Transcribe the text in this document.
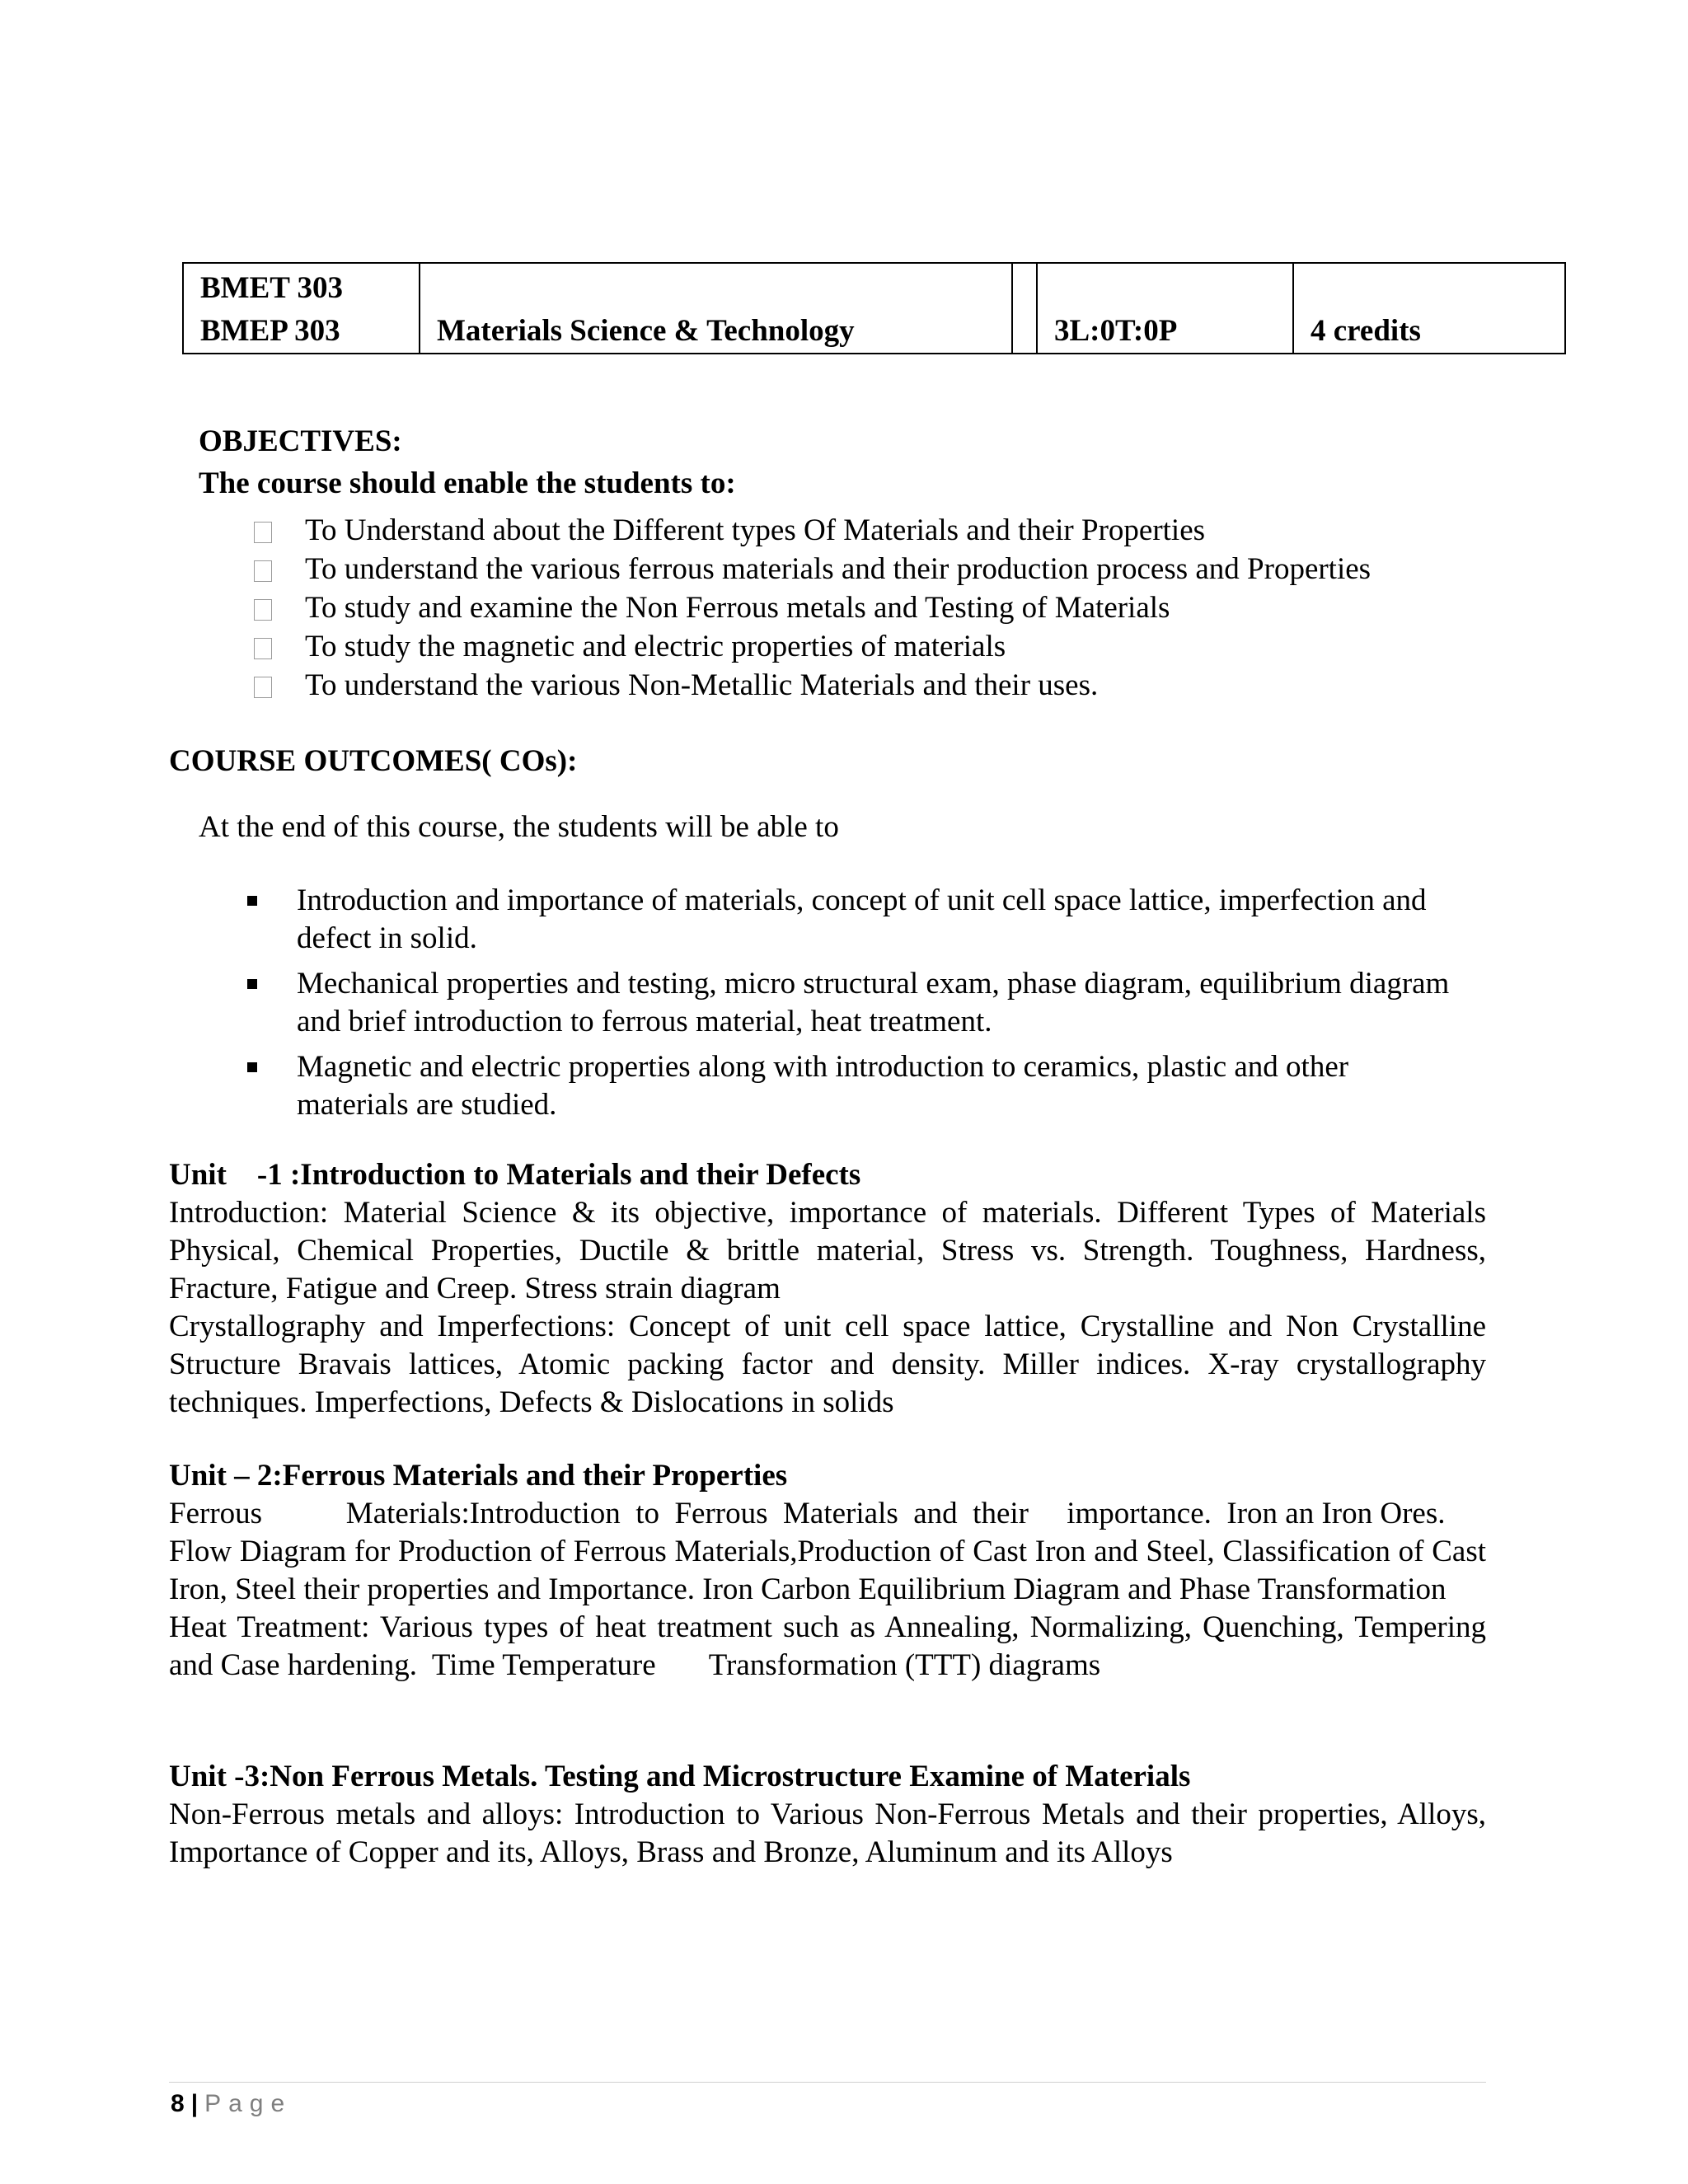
BMET 303
BMEP 303	Materials Science & Technology		3L:0T:0P	4 credits

OBJECTIVES:

The course should enable the students to:

To Understand about the Different types Of Materials and their Properties
To understand the various ferrous materials and their production process and Properties
To study and examine the Non Ferrous metals and Testing of Materials
To study the magnetic and electric properties of materials
To understand the various Non-Metallic Materials and their uses.

COURSE OUTCOMES( COs):

At the end of this course, the students will be able to

Introduction and importance of materials, concept of unit cell space lattice, imperfection and defect in solid.
Mechanical properties and testing, micro structural exam, phase diagram, equilibrium diagram and brief introduction to ferrous material, heat treatment.
Magnetic and electric properties along with introduction to ceramics, plastic and other materials are studied.

Unit    -1 :Introduction to Materials and their Defects

Introduction: Material Science & its objective, importance of materials. Different Types of Materials Physical, Chemical Properties, Ductile & brittle material, Stress vs. Strength. Toughness, Hardness, Fracture, Fatigue and Creep. Stress strain diagram

Crystallography and Imperfections: Concept of unit cell space lattice, Crystalline and Non Crystalline Structure Bravais lattices, Atomic packing factor and density. Miller indices. X-ray crystallography techniques. Imperfections, Defects & Dislocations in solids

Unit – 2:Ferrous Materials and their Properties

Ferrous           Materials:Introduction  to  Ferrous  Materials  and  their     importance.  Iron an Iron Ores.

Flow Diagram for Production of Ferrous Materials,Production of Cast Iron and Steel, Classification of Cast Iron, Steel their properties and Importance. Iron Carbon Equilibrium Diagram and Phase Transformation

Heat Treatment: Various types of heat treatment such as Annealing, Normalizing, Quenching, Tempering      and Case hardening.  Time Temperature       Transformation (TTT) diagrams

Unit -3:Non Ferrous Metals. Testing and Microstructure Examine of Materials

Non-Ferrous metals and alloys: Introduction to Various Non-Ferrous Metals and their properties, Alloys, Importance of Copper and its, Alloys, Brass and Bronze, Aluminum and its Alloys

8 | Page
